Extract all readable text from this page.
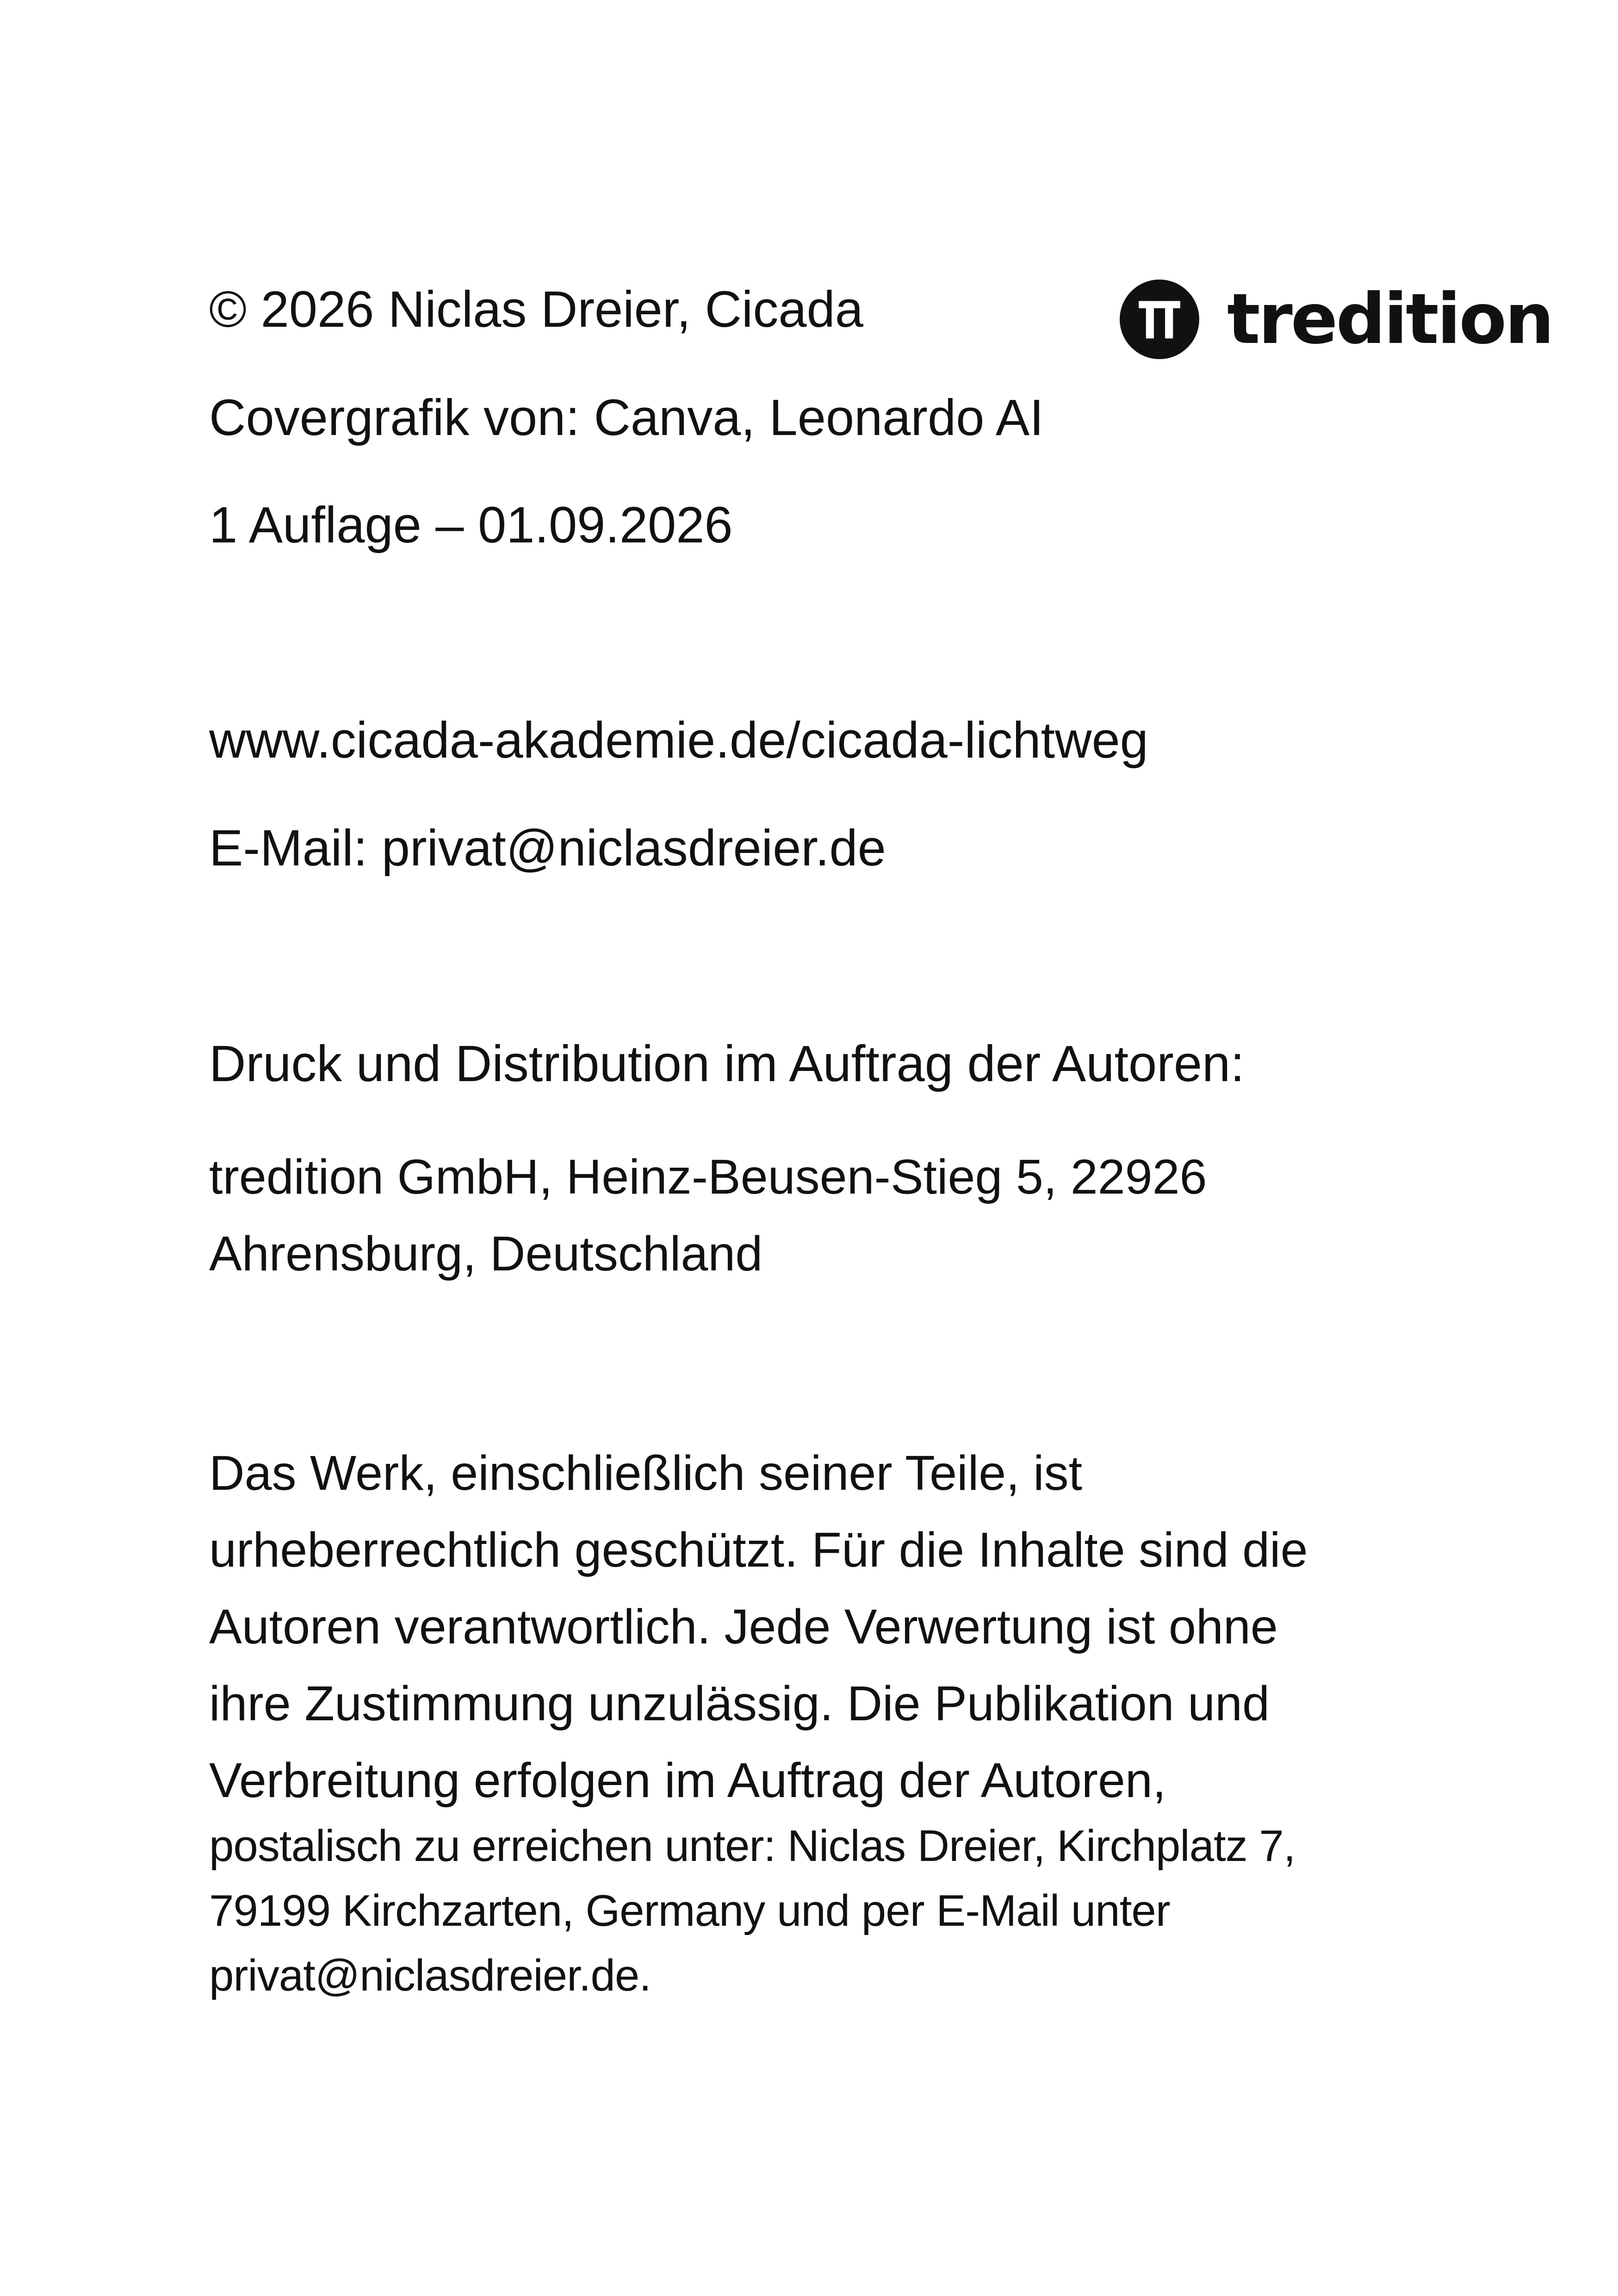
© 2026 Niclas Dreier, Cicada	tredition
Covergrafik von: Canva, Leonardo AI
1 Auflage – 01.09.2026
www.cicada-akademie.de/cicada-lichtweg
E-Mail: privat@niclasdreier.de
Druck und Distribution im Auftrag der Autoren:
tredition GmbH, Heinz-Beusen-Stieg 5, 22926
Ahrensburg, Deutschland
Das Werk, einschließlich seiner Teile, ist
urheberrechtlich geschützt. Für die Inhalte sind die
Autoren verantwortlich. Jede Verwertung ist ohne
ihre Zustimmung unzulässig. Die Publikation und
Verbreitung erfolgen im Auftrag der Autoren,
postalisch zu erreichen unter: Niclas Dreier, Kirchplatz 7,
79199 Kirchzarten, Germany und per E-Mail unter
privat@niclasdreier.de.
